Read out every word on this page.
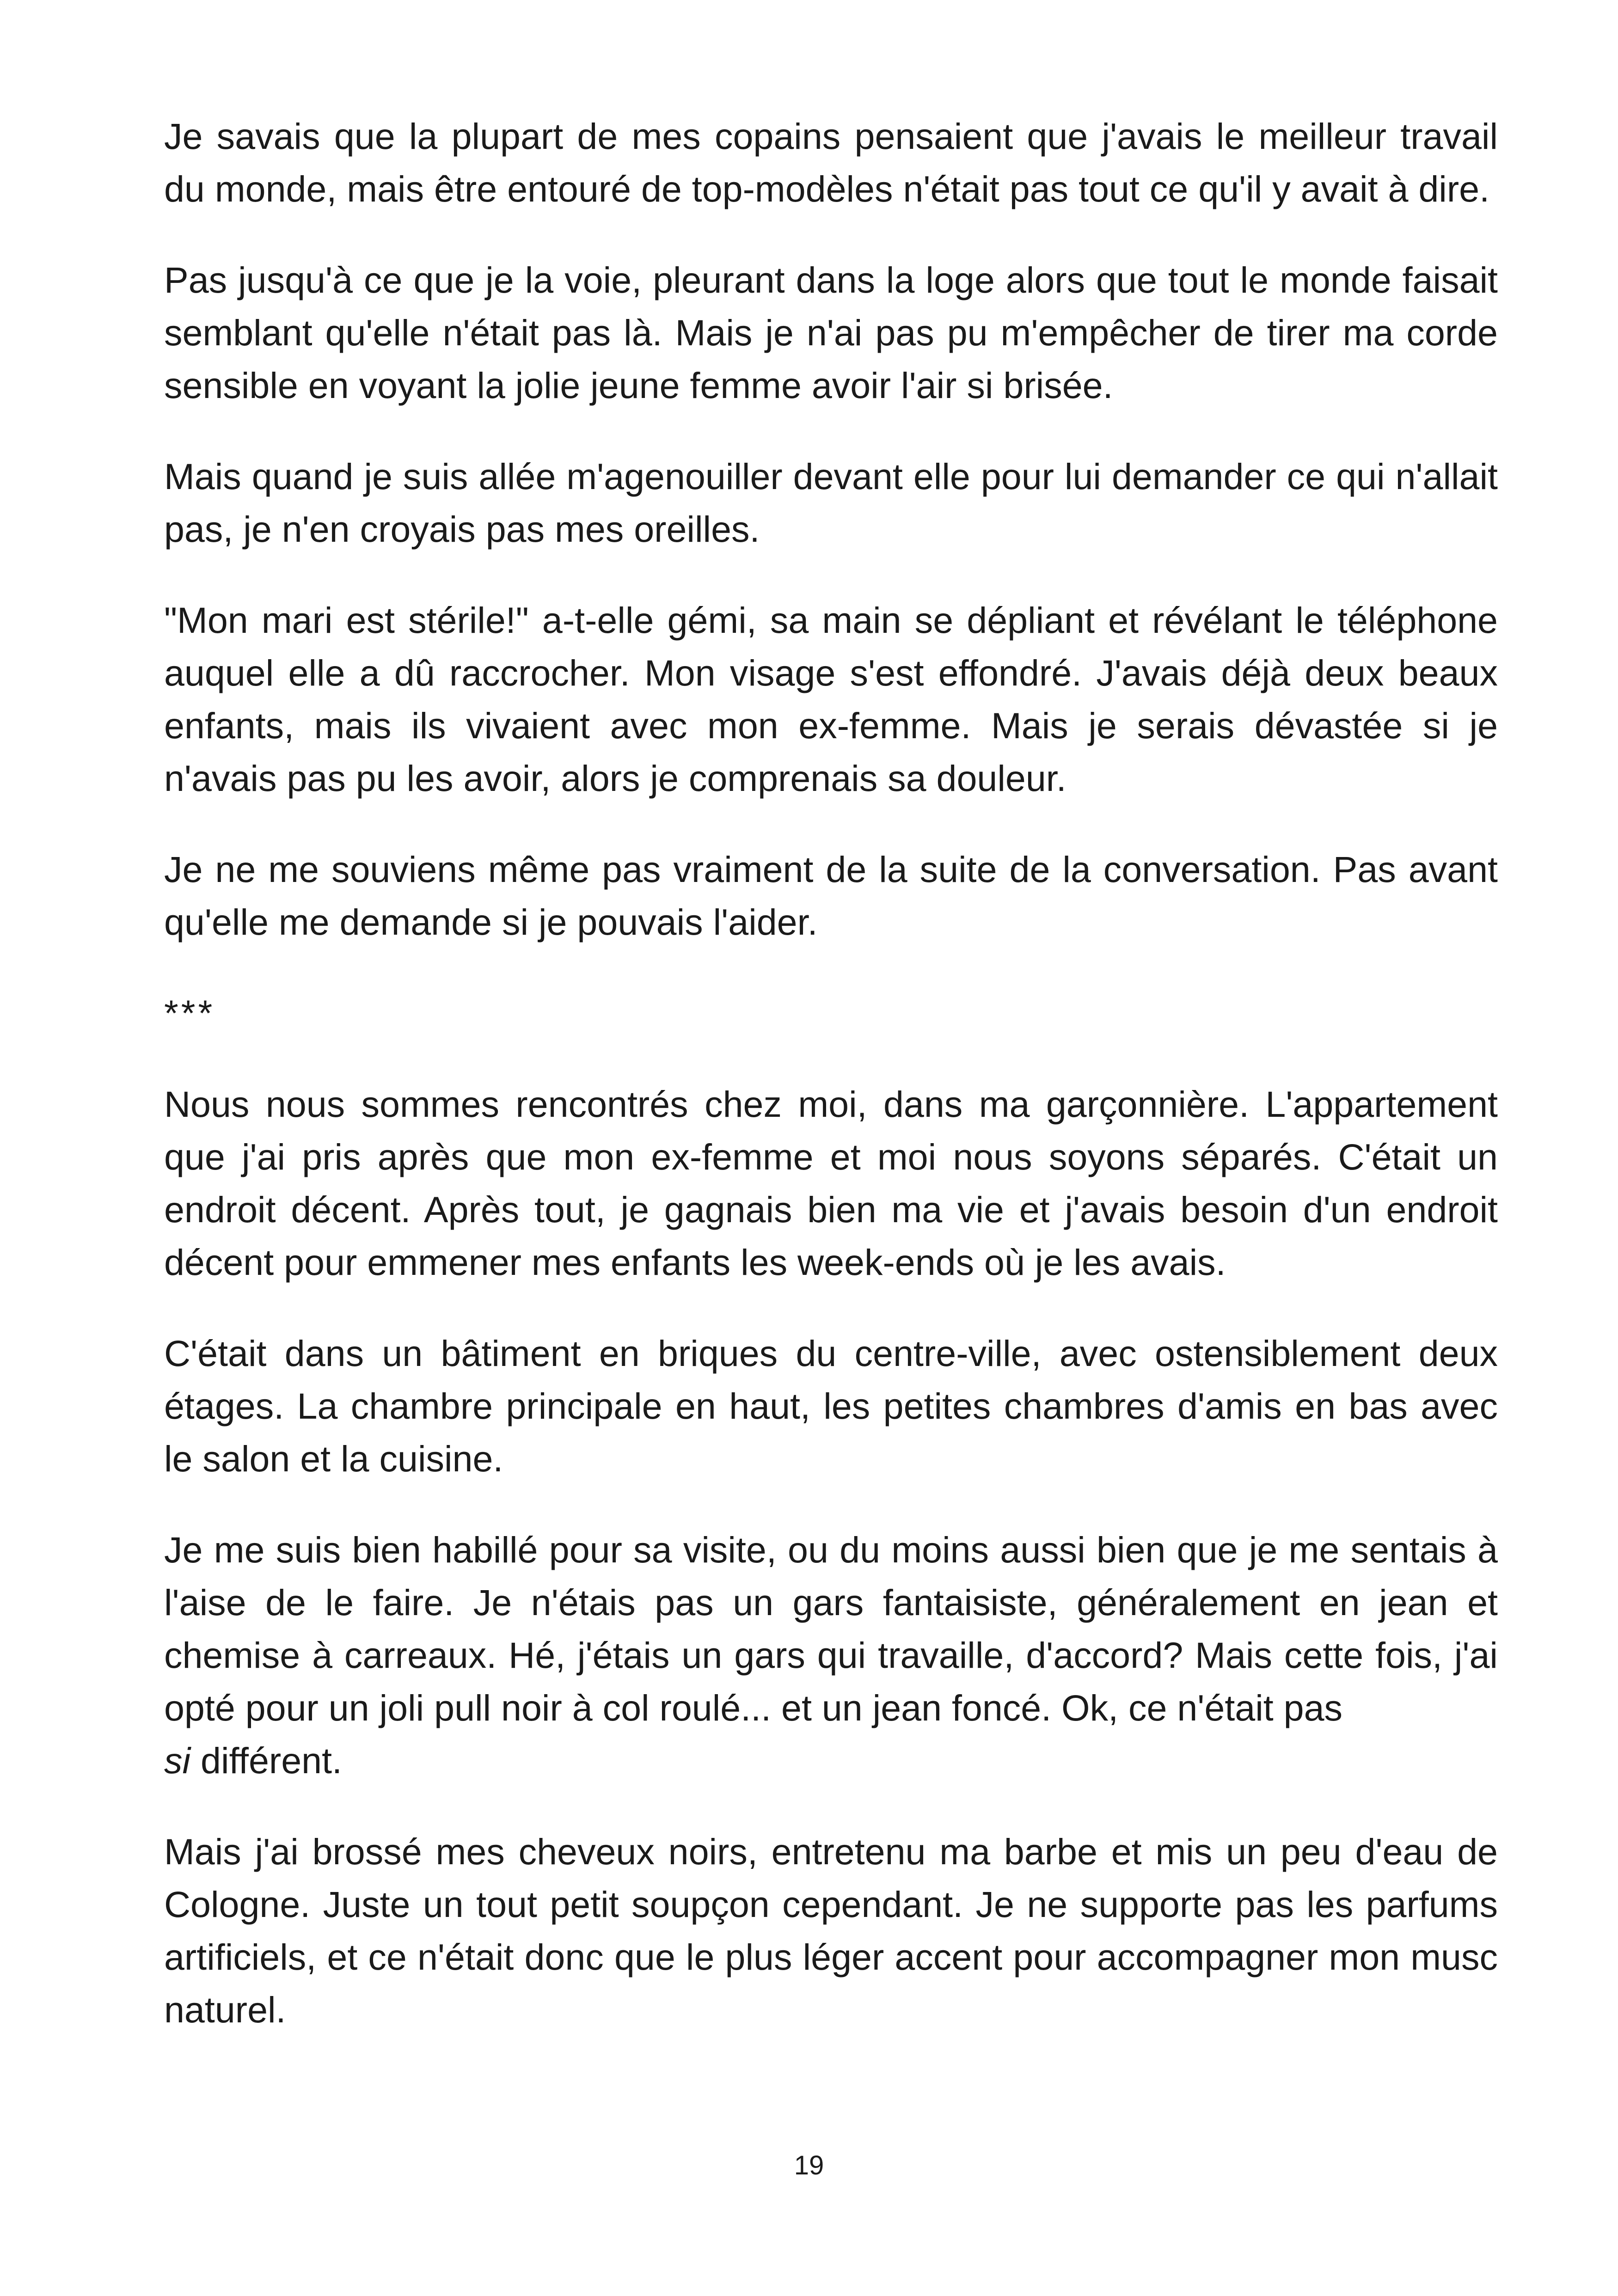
Je savais que la plupart de mes copains pensaient que j'avais le meilleur travail du monde, mais être entouré de top-modèles n'était pas tout ce qu'il y avait à dire.

Pas jusqu'à ce que je la voie, pleurant dans la loge alors que tout le monde faisait semblant qu'elle n'était pas là. Mais je n'ai pas pu m'empêcher de tirer ma corde sensible en voyant la jolie jeune femme avoir l'air si brisée.

Mais quand je suis allée m'agenouiller devant elle pour lui demander ce qui n'allait pas, je n'en croyais pas mes oreilles.

"Mon mari est stérile!" a-t-elle gémi, sa main se dépliant et révélant le téléphone auquel elle a dû raccrocher. Mon visage s'est effondré. J'avais déjà deux beaux enfants, mais ils vivaient avec mon ex-femme. Mais je serais dévastée si je n'avais pas pu les avoir, alors je comprenais sa douleur.

Je ne me souviens même pas vraiment de la suite de la conversation. Pas avant qu'elle me demande si je pouvais l'aider.

***

Nous nous sommes rencontrés chez moi, dans ma garçonnière. L'appartement que j'ai pris après que mon ex-femme et moi nous soyons séparés. C'était un endroit décent. Après tout, je gagnais bien ma vie et j'avais besoin d'un endroit décent pour emmener mes enfants les week-ends où je les avais.

C'était dans un bâtiment en briques du centre-ville, avec ostensiblement deux étages. La chambre principale en haut, les petites chambres d'amis en bas avec le salon et la cuisine.

Je me suis bien habillé pour sa visite, ou du moins aussi bien que je me sentais à l'aise de le faire. Je n'étais pas un gars fantaisiste, généralement en jean et chemise à carreaux. Hé, j'étais un gars qui travaille, d'accord? Mais cette fois, j'ai opté pour un joli pull noir à col roulé... et un jean foncé. Ok, ce n'était pas
si différent.

Mais j'ai brossé mes cheveux noirs, entretenu ma barbe et mis un peu d'eau de Cologne. Juste un tout petit soupçon cependant. Je ne supporte pas les parfums artificiels, et ce n'était donc que le plus léger accent pour accompagner mon musc naturel.

19
